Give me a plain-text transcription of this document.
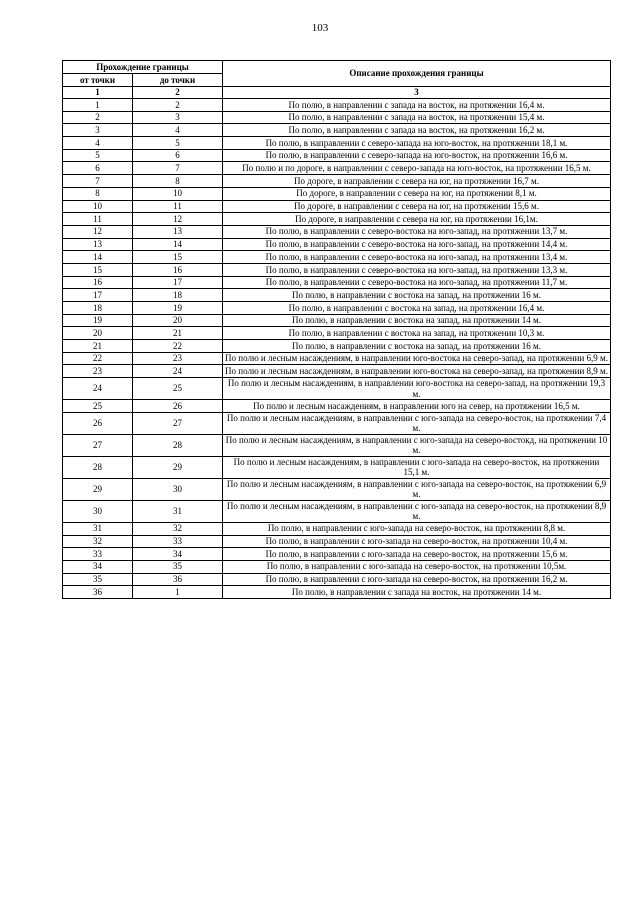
103
Прохождение границы		Описание прохождения границы
от точки	до точки	
1	2	3
1	2	По полю, в направлении с запада на восток, на протяжении 16,4 м.
2	3	По полю, в направлении с запада на восток, на протяжении 15,4 м.
3	4	По полю, в направлении с запада на восток, на протяжении 16,2 м.
4	5	По полю, в направлении с северо-запада на юго-восток, на протяжении 18,1 м.
5	6	По полю, в направлении с северо-запада на юго-восток, на протяжении 16,6 м.
6	7	По полю и по дороге, в направлении с северо-запада на юго-восток, на протяжении 16,5 м.
7	8	По дороге, в направлении с севера на юг, на протяжении 16,7 м.
8	10	По дороге, в направлении с севера на юг, на протяжении 8,1 м.
10	11	По дороге, в направлении с севера на юг, на протяжении 15,6 м.
11	12	По дороге, в направлении с севера на юг, на протяжении 16,1м.
12	13	По полю, в направлении с северо-востока на юго-запад, на протяжении 13,7 м.
13	14	По полю, в направлении с северо-востока на юго-запад, на протяжении 14,4 м.
14	15	По полю, в направлении с северо-востока на юго-запад, на протяжении 13,4 м.
15	16	По полю, в направлении с северо-востока на юго-запад, на протяжении 13,3 м.
16	17	По полю, в направлении с северо-востока на юго-запад, на протяжении 11,7 м.
17	18	По полю, в направлении с востока на запад, на протяжении 16 м.
18	19	По полю, в направлении с востока на запад, на протяжении 16,4 м.
19	20	По полю, в направлении с востока на запад, на протяжении 14 м.
20	21	По полю, в направлении с востока на запад, на протяжении 10,3 м.
21	22	По полю, в направлении с востока на запад, на протяжении 16 м.
22	23	По полю и лесным насаждениям, в направлении юго-востока на северо-запад, на протяжении 6,9 м.
23	24	По полю и лесным насаждениям, в направлении юго-востока на северо-запад, на протяжении 8,9 м.
24	25	По полю и лесным насаждениям, в направлении юго-востока на северо-запад, на протяжении 19,3 м.
25	26	По полю и лесным насаждениям, в направлении юго на север, на протяжении 16,5 м.
26	27	По полю и лесным насаждениям, в направлении с юго-запада на северо-восток, на протяжении 7,4 м.
27	28	По полю и лесным насаждениям, в направлении с юго-запада на северо-востокд, на протяжении 10 м.
28	29	По полю и лесным насаждениям, в направлении с юго-запада на северо-восток, на протяжении 15,1 м.
29	30	По полю и лесным насаждениям, в направлении с юго-запада на северо-восток, на протяжении 6,9 м.
30	31	По полю и лесным насаждениям, в направлении с юго-запада на северо-восток, на протяжении 8,9 м.
31	32	По полю, в направлении с юго-запада на северо-восток, на протяжении 8,8 м.
32	33	По полю, в направлении с юго-запада на северо-восток, на протяжении 10,4 м.
33	34	По полю, в направлении с юго-запада на северо-восток, на протяжении 15,6 м.
34	35	По полю, в направлении с юго-запада на северо-восток, на протяжении 10,5м.
35	36	По полю, в направлении с юго-запада на северо-восток, на протяжении 16,2 м.
36	1	По полю, в направлении с запада на восток, на протяжении 14 м.
